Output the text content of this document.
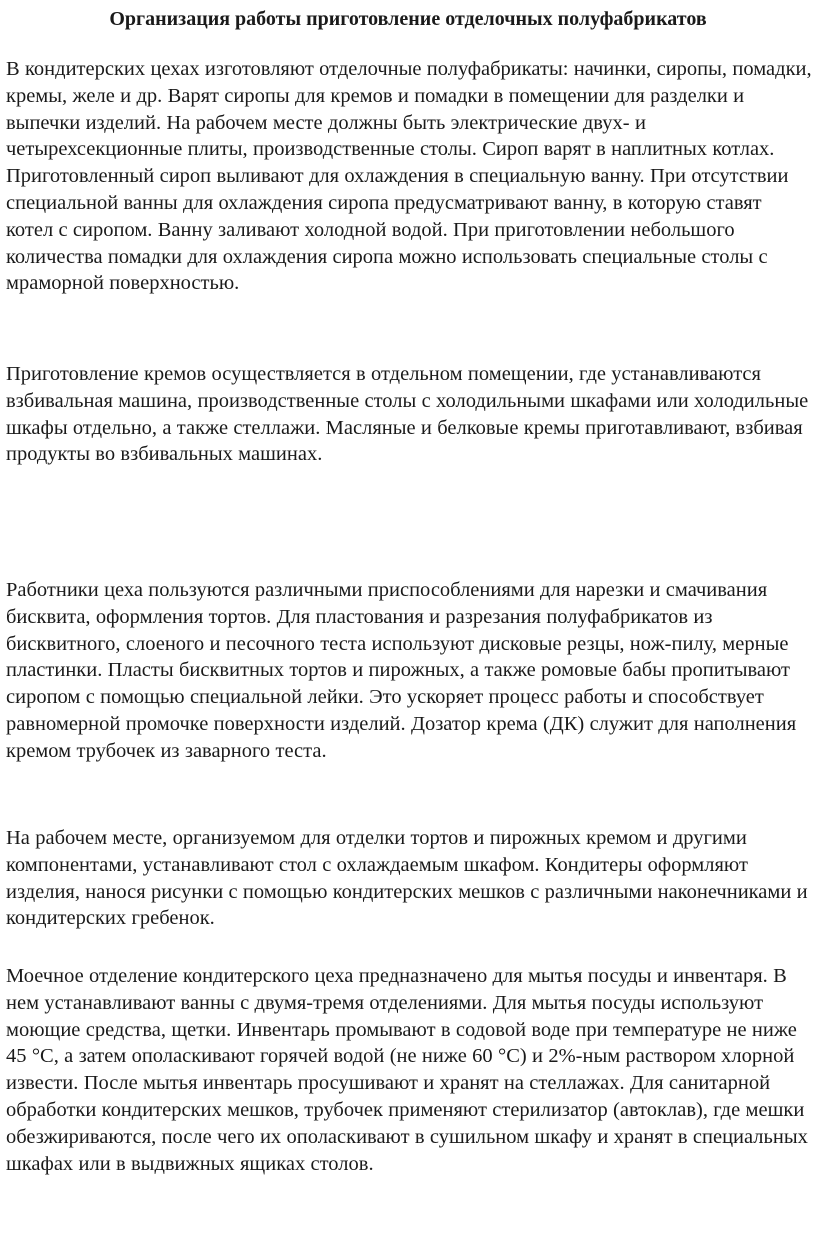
Организация работы приготовление отделочных полуфабрикатов

В кондитерских цехах изготовляют отделочные полуфабрикаты: начинки, сиропы, помадки, кремы, желе и др. Варят сиропы для кремов и помадки в помещении для разделки и выпечки изделий. На рабочем месте должны быть электрические двух- и четырехсекционные плиты, производственные столы. Сироп варят в наплитных котлах. Приготовленный сироп выливают для охлаждения в специальную ванну. При отсутствии специальной ванны для охлаждения сиропа предусматривают ванну, в которую ставят котел с сиропом. Ванну заливают холодной водой. При приготовлении небольшого количества помадки для охлаждения сиропа можно использовать специальные столы с мраморной поверхностью.

Приготовление кремов осуществляется в отдельном помещении, где устанавливаются взбивальная машина, производственные столы с холодильными шкафами или холодильные шкафы отдельно, а также стеллажи. Масляные и белковые кремы приготавливают, взбивая продукты во взбивальных машинах.

Работники цеха пользуются различными приспособлениями для нарезки и смачивания бисквита, оформления тортов. Для пластования и разрезания полуфабрикатов из бисквитного, слоеного и песочного теста используют дисковые резцы, нож-пилу, мерные пластинки. Пласты бисквитных тортов и пирожных, а также ромовые бабы пропитывают сиропом с помощью специальной лейки. Это ускоряет процесс работы и способствует равномерной промочке поверхности изделий. Дозатор крема (ДК) служит для наполнения кремом трубочек из заварного теста.

На рабочем месте, организуемом для отделки тортов и пирожных кремом и другими компонентами, устанавливают стол с охлаждаемым шкафом. Кондитеры оформляют изделия, нанося рисунки с помощью кондитерских мешков с различными наконечниками и кондитерских гребенок.

Моечное отделение кондитерского цеха предназначено для мытья посуды и инвентаря. В нем устанавливают ванны с двумя-тремя отделениями. Для мытья посуды используют моющие средства, щетки. Инвентарь промывают в содовой воде при температуре не ниже 45 °С, а затем ополаскивают горячей водой (не ниже 60 °С) и 2%-ным раствором хлорной извести. После мытья инвентарь просушивают и хранят на стеллажах. Для санитарной обработки кондитерских мешков, трубочек применяют стерилизатор (автоклав), где мешки обезжириваются, после чего их ополаскивают в сушильном шкафу и хранят в специальных шкафах или в выдвижных ящиках столов.
